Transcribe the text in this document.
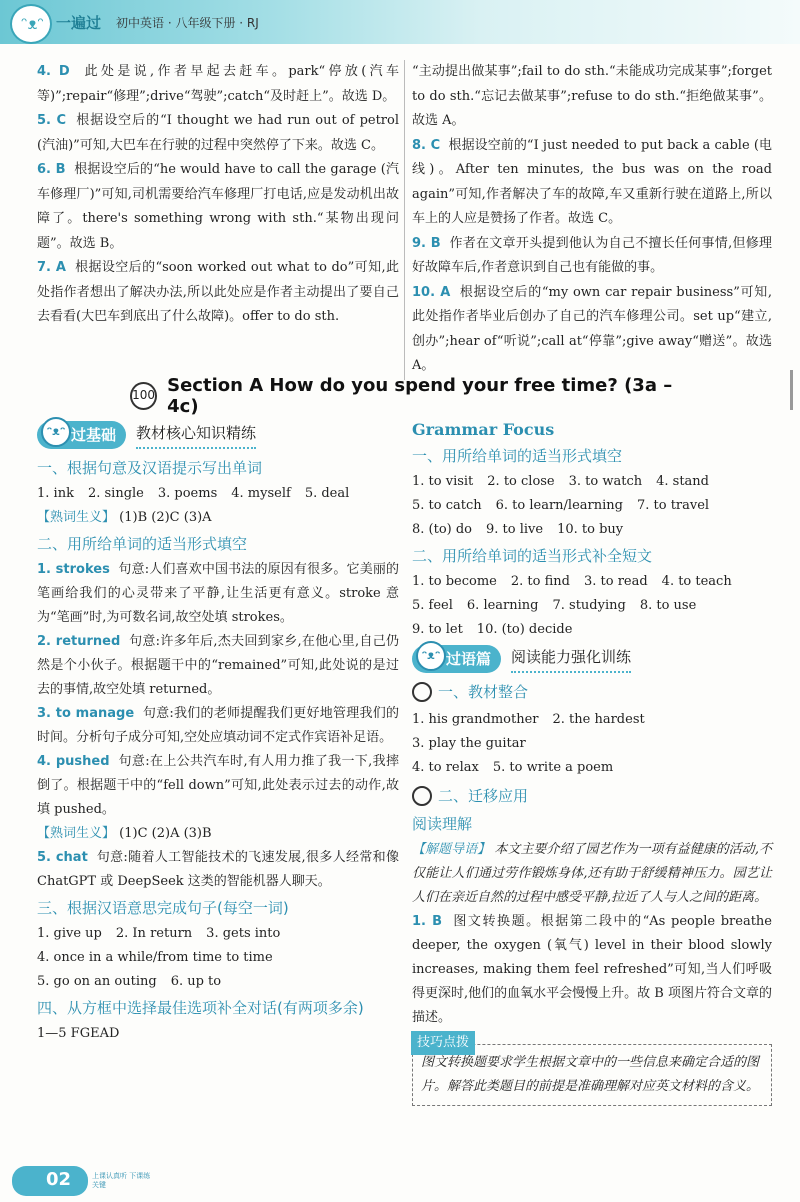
ᵔᴥᵔ 一遍过 初中英语 · 八年级下册 · RJ

4. D 此处是说,作者早起去赶车。park“停放(汽车等)”;repair“修理”;drive“驾驶”;catch“及时赶上”。故选 D。

5. C 根据设空后的“I thought we had run out of petrol (汽油)”可知,大巴车在行驶的过程中突然停了下来。故选 C。

6. B 根据设空后的“he would have to call the garage (汽车修理厂)”可知,司机需要给汽车修理厂打电话,应是发动机出故障了。there's something wrong with sth.“某物出现问题”。故选 B。

7. A 根据设空后的“soon worked out what to do”可知,此处指作者想出了解决办法,所以此处应是作者主动提出了要自己去看看(大巴车到底出了什么故障)。offer to do sth.

“主动提出做某事”;fail to do sth.“未能成功完成某事”;forget to do sth.“忘记去做某事”;refuse to do sth.“拒绝做某事”。故选 A。

8. C 根据设空前的“I just needed to put back a cable (电线)。After ten minutes, the bus was on the road again”可知,作者解决了车的故障,车又重新行驶在道路上,所以车上的人应是赞扬了作者。故选 C。

9. B 作者在文章开头提到他认为自己不擅长任何事情,但修理好故障车后,作者意识到自己也有能做的事。

10. A 根据设空后的“my own car repair business”可知,此处指作者毕业后创办了自己的汽车修理公司。set up“建立,创办”;hear of“听说”;call at“停靠”;give away“赠送”。故选 A。

100 Section A How do you spend your free time? (3a – 4c)
ᵔᴥᵔ 过基础	教材核心知识精练
一、根据句意及汉语提示写出单词
1. ink 2. single 3. poems 4. myself 5. deal
【熟词生义】 (1)B (2)C (3)A
二、用所给单词的适当形式填空

1. strokes 句意:人们喜欢中国书法的原因有很多。它美丽的笔画给我们的心灵带来了平静,让生活更有意义。stroke 意为“笔画”时,为可数名词,故空处填 strokes。

2. returned 句意:许多年后,杰夫回到家乡,在他心里,自己仍然是个小伙子。根据题干中的“remained”可知,此处说的是过去的事情,故空处填 returned。

3. to manage 句意:我们的老师提醒我们更好地管理我们的时间。分析句子成分可知,空处应填动词不定式作宾语补足语。

4. pushed 句意:在上公共汽车时,有人用力推了我一下,我摔倒了。根据题干中的“fell down”可知,此处表示过去的动作,故填 pushed。

【熟词生义】 (1)C (2)A (3)B

5. chat 句意:随着人工智能技术的飞速发展,很多人经常和像 ChatGPT 或 DeepSeek 这类的智能机器人聊天。

三、根据汉语意思完成句子(每空一词)
1. give up 2. In return 3. gets into
4. once in a while/from time to time
5. go on an outing 6. up to
四、从方框中选择最佳选项补全对话(有两项多余)
1—5 FGEAD
Grammar Focus
一、用所给单词的适当形式填空
1. to visit 2. to close 3. to watch 4. stand
5. to catch 6. to learn/learning 7. to travel
8. (to) do 9. to live 10. to buy
二、用所给单词的适当形式补全短文
1. to become 2. to find 3. to read 4. to teach
5. feel 6. learning 7. studying 8. to use
9. to let 10. (to) decide
ᵔᴥᵔ 过语篇	阅读能力强化训练
一、教材整合
1. his grandmother 2. the hardest
3. play the guitar
4. to relax 5. to write a poem
二、迁移应用
阅读理解

【解题导语】 本文主要介绍了园艺作为一项有益健康的活动,不仅能让人们通过劳作锻炼身体,还有助于舒缓精神压力。园艺让人们在亲近自然的过程中感受平静,拉近了人与人之间的距离。

1. B 图文转换题。根据第二段中的“As people breathe deeper, the oxygen (氧气) level in their blood slowly increases, making them feel refreshed”可知,当人们呼吸得更深时,他们的血氧水平会慢慢上升。故 B 项图片符合文章的描述。

技巧点拨
图文转换题要求学生根据文章中的一些信息来确定合适的图片。解答此类题目的前提是准确理解对应英文材料的含义。
02	上课认真听 下课练关键
